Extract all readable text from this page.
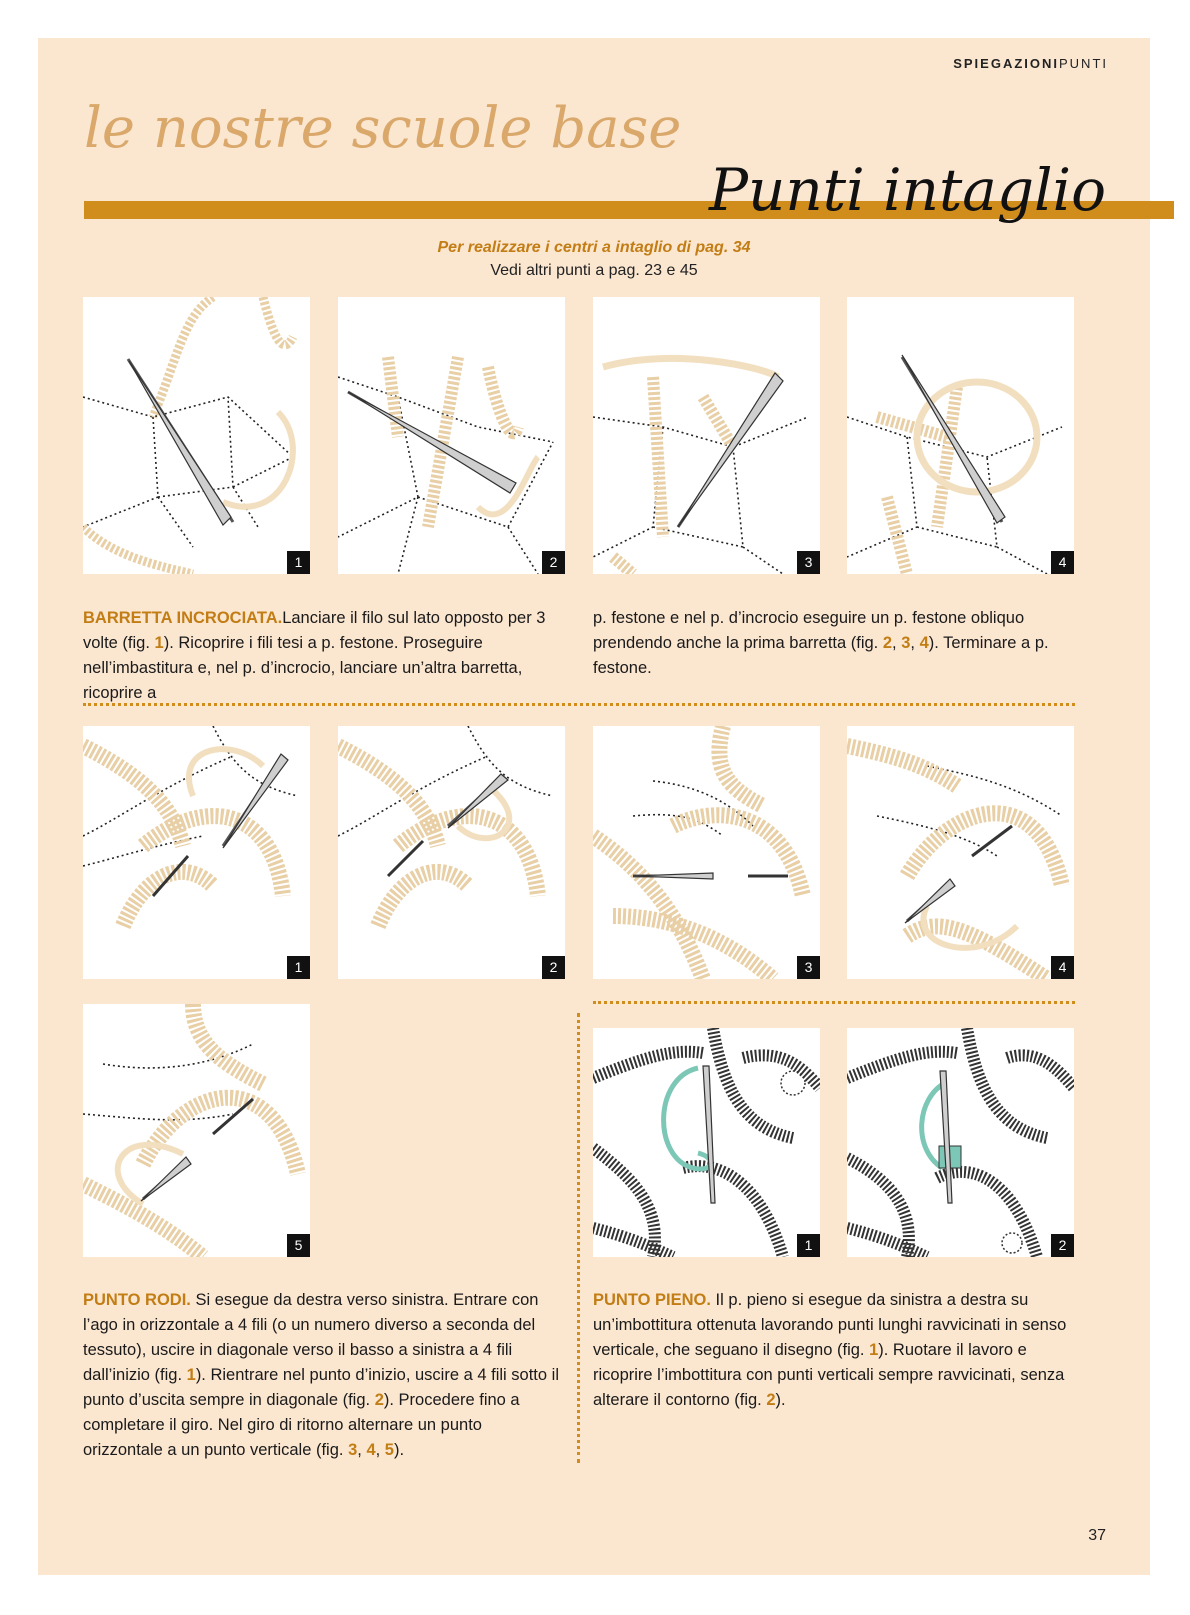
SPIEGAZIONIPUNTI
le nostre scuole base
Punti intaglio
Per realizzare i centri a intaglio di pag. 34
Vedi altri punti a pag. 23 e 45
1	2	3	4
BARRETTA INCROCIATA.Lanciare il filo sul lato opposto per 3 volte (fig. 1). Ricoprire i fili tesi a p. festone. Proseguire nell’imbastitura e, nel p. d’incrocio, lanciare un’altra barretta, ricoprire a
p. festone e nel p. d’incrocio eseguire un p. festone obliquo prendendo anche la prima barretta (fig. 2, 3, 4). Terminare a p. festone.
1	2	3	4
5	1	2
PUNTO RODI. Si esegue da destra verso sinistra. Entrare con l’ago in orizzontale a 4 fili (o un numero diverso a seconda del tessuto), uscire in diagonale verso il basso a sinistra a 4 fili dall’inizio (fig. 1). Rientrare nel punto d’inizio, uscire a 4 fili sotto il punto d’uscita sempre in diagonale (fig. 2). Procedere fino a completare il giro. Nel giro di ritorno alternare un punto orizzontale a un punto verticale (fig. 3, 4, 5).
PUNTO PIENO. Il p. pieno si esegue da sinistra a destra su un’imbottitura ottenuta lavorando punti lunghi ravvicinati in senso verticale, che seguano il disegno (fig. 1). Ruotare il lavoro e ricoprire l’imbottitura con punti verticali sempre ravvicinati, senza alterare il contorno (fig. 2).
37
